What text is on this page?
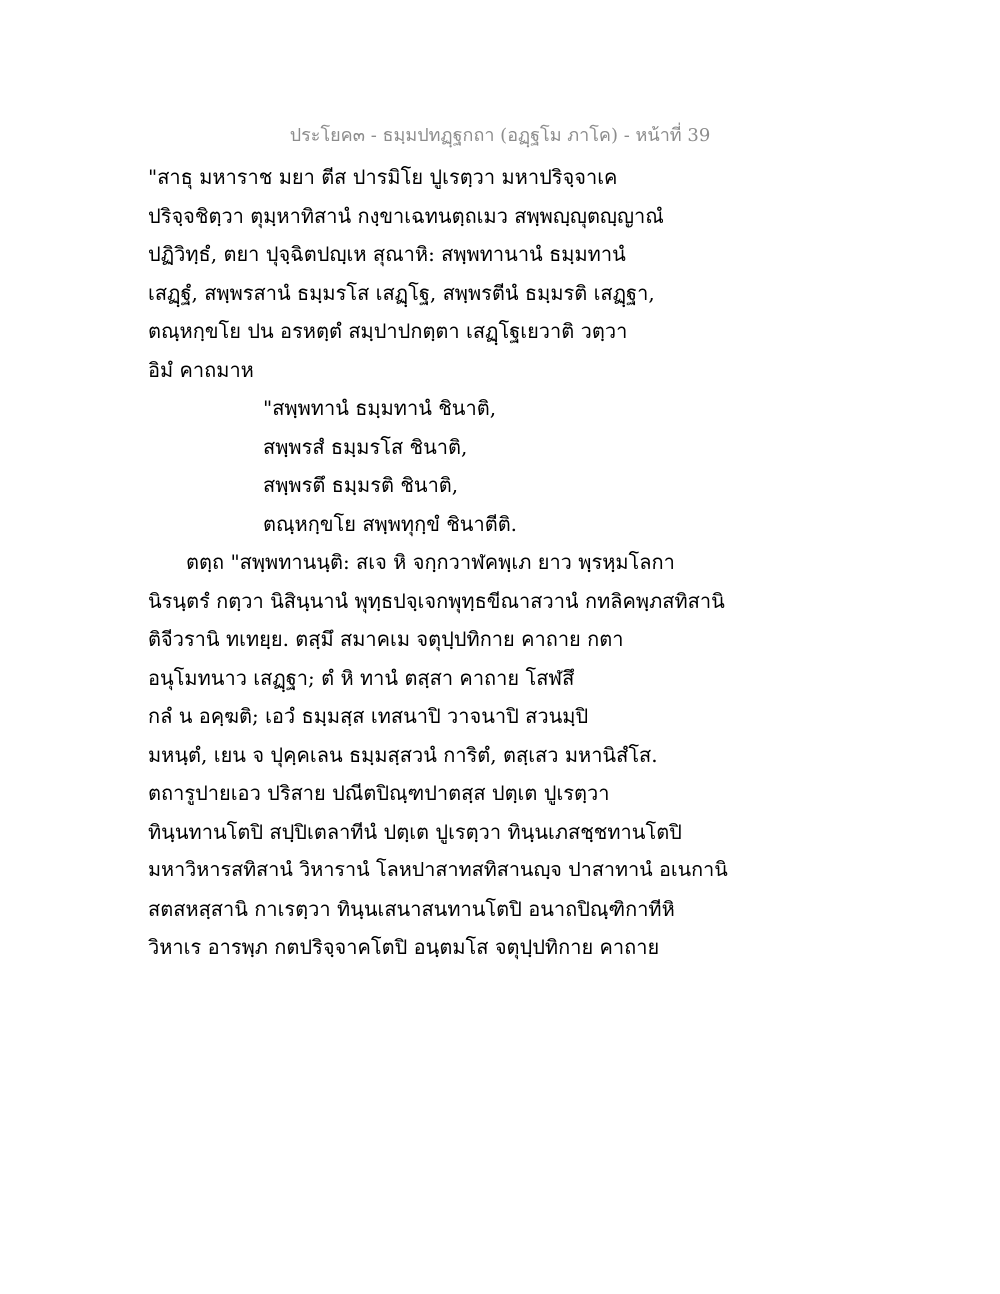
ประโยค๓ - ธมฺมปทฏฺฐกถา (อฏฺฐโม ภาโค) - หน้าที่ 39
"สาธุ มหาราช มยา ตีส ปารมิโย ปูเรตฺวา มหาปริจฺจาเค
ปริจฺจชิตฺวา ตุมฺหาทิสานํ กงฺขาเฉทนตฺถเมว สพฺพญฺญุตญฺญาณํ
ปฏิวิทฺธํ, ตยา ปุจฺฉิตปญฺเห สุณาหิ: สพฺพทานานํ ธมฺมทานํ
เสฏฺฐํ, สพฺพรสานํ ธมฺมรโส เสฏฺโฐ, สพฺพรตีนํ ธมฺมรติ เสฏฺฐา,
ตณฺหกฺขโย ปน อรหตฺตํ สมฺปาปกตฺตา เสฏฺโฐเยวาติ วตฺวา
อิมํ คาถมาห
"สพฺพทานํ ธมฺมทานํ ชินาติ,
สพฺพรสํ ธมฺมรโส ชินาติ,
สพฺพรตึ ธมฺมรติ ชินาติ,
ตณฺหกฺขโย สพฺพทุกฺขํ ชินาตีติ.
ตตฺถ "สพฺพทานนฺติ: สเจ หิ จกฺกวาฬคพฺเภ ยาว พฺรหฺมโลกา
นิรนฺตรํ กตฺวา นิสินฺนานํ พุทฺธปจฺเจกพุทฺธขีณาสวานํ กทลิคพฺภสทิสานิ
ติจีวรานิ ทเทยฺย. ตสฺมึ สมาคเม จตุปฺปทิกาย คาถาย กตา
อนุโมทนาว เสฏฺฐา; ตํ หิ ทานํ ตสฺสา คาถาย โสฬสึ
กลํ น อคฺฆติ; เอวํ ธมฺมสฺส เทสนาปิ วาจนาปิ สวนมฺปิ
มหนฺตํ, เยน จ ปุคฺคเลน ธมฺมสฺสวนํ การิตํ, ตสฺเสว มหานิสํโส.
ตถารูปายเอว ปริสาย ปณีตปิณฺฑปาตสฺส ปตฺเต ปูเรตฺวา
ทินฺนทานโตปิ สปฺปิเตลาทีนํ ปตฺเต ปูเรตฺวา ทินฺนเภสชฺชทานโตปิ
มหาวิหารสทิสานํ วิหารานํ โลหปาสาทสทิสานญฺจ ปาสาทานํ อเนกานิ
สตสหสฺสานิ กาเรตฺวา ทินฺนเสนาสนทานโตปิ อนาถปิณฺฑิกาทีหิ
วิหาเร อารพฺภ กตปริจฺจาคโตปิ อนฺตมโส จตุปฺปทิกาย คาถาย
